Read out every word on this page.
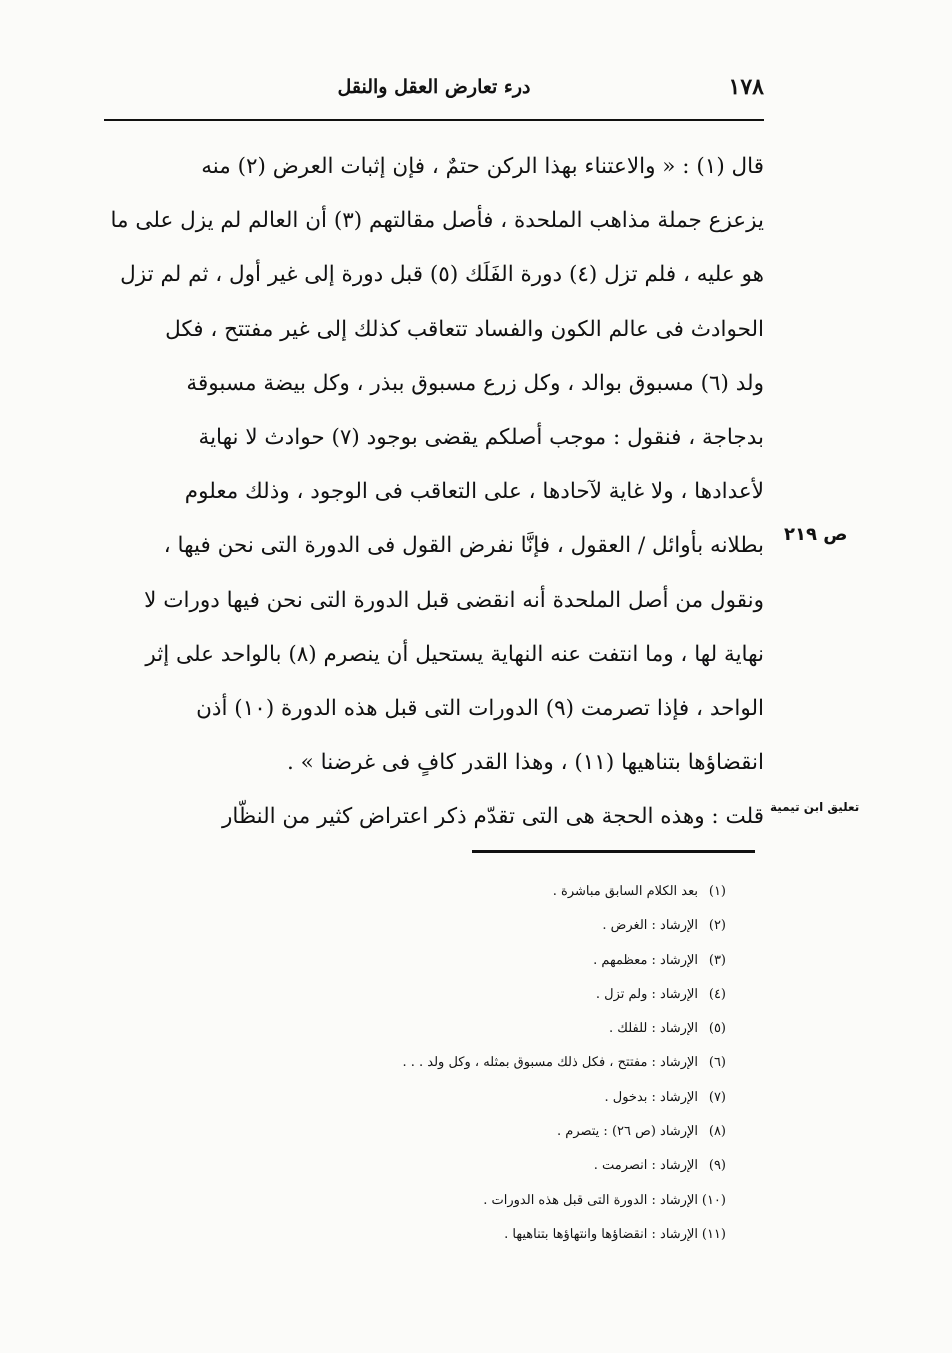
١٧٨
درء تعارض العقل والنقل
قال (١) : « والاعتناء بهذا الركن حتمٌ ، فإن إثبات العرض (٢) منه
يزعزع جملة مذاهب الملحدة ، فأصل مقالتهم (٣) أن العالم لم يزل على ما
هو عليه ، فلم تزل (٤) دورة الفَلَك (٥) قبل دورة إلى غير أول ، ثم لم تزل
الحوادث فى عالم الكون والفساد تتعاقب كذلك إلى غير مفتتح ، فكل
ولد (٦) مسبوق بوالد ، وكل زرع مسبوق ببذر ، وكل بيضة مسبوقة
بدجاجة ، فنقول : موجب أصلكم يقضى بوجود (٧) حوادث لا نهاية
لأعدادها ، ولا غاية لآحادها ، على التعاقب فى الوجود ، وذلك معلوم
بطلانه بأوائل / العقول ، فإنَّا نفرض القول فى الدورة التى نحن فيها ،
ونقول من أصل الملحدة أنه انقضى قبل الدورة التى نحن فيها دورات لا
نهاية لها ، وما انتفت عنه النهاية يستحيل أن ينصرم (٨) بالواحد على إثر
الواحد ، فإذا تصرمت (٩) الدورات التى قبل هذه الدورة (١٠) أذن
انقضاؤها بتناهيها (١١) ، وهذا القدر كافٍ فى غرضنا » .
قلت : وهذه الحجة هى التى تقدّم ذكر اعتراض كثير من النظّار
ص ٢١٩
تعليق ابن تيمية
(١)بعد الكلام السابق مباشرة .
(٢)الإرشاد : الغرض .
(٣)الإرشاد : معظمهم .
(٤)الإرشاد : ولم تزل .
(٥)الإرشاد : للفلك .
(٦)الإرشاد : مفتتح ، فكل ذلك مسبوق بمثله ، وكل ولد . . .
(٧)الإرشاد : بدخول .
(٨)الإرشاد (ص ٢٦) : يتصرم .
(٩)الإرشاد : انصرمت .
(١٠)الإرشاد : الدورة التى قبل هذه الدورات .
(١١)الإرشاد : انقضاؤها وانتهاؤها بتناهيها .
